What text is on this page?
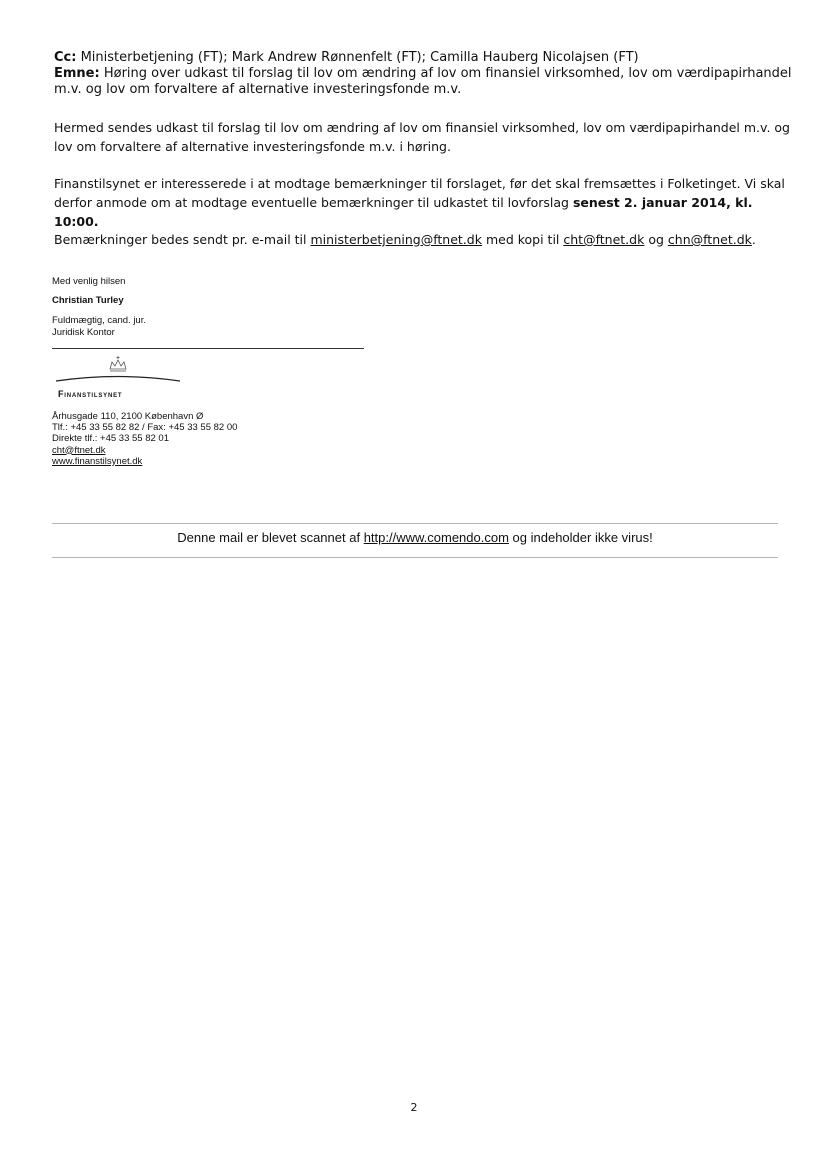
Cc: Ministerbetjening (FT); Mark Andrew Rønnenfelt (FT); Camilla Hauberg Nicolajsen (FT)
Emne: Høring over udkast til forslag til lov om ændring af lov om finansiel virksomhed, lov om værdipapirhandel m.v. og lov om forvaltere af alternative investeringsfonde m.v.
Hermed sendes udkast til forslag til lov om ændring af lov om finansiel virksomhed, lov om værdipapirhandel m.v. og lov om forvaltere af alternative investeringsfonde m.v. i høring.
Finanstilsynet er interesserede i at modtage bemærkninger til forslaget, før det skal fremsættes i Folketinget. Vi skal derfor anmode om at modtage eventuelle bemærkninger til udkastet til lovforslag senest 2. januar 2014, kl. 10:00.
Bemærkninger bedes sendt pr. e-mail til ministerbetjening@ftnet.dk med kopi til cht@ftnet.dk og chn@ftnet.dk.
Med venlig hilsen
Christian Turley
Fuldmægtig, cand. jur.
Juridisk Kontor
Finanstilsynet
Århusgade 110, 2100 København Ø
Tlf.: +45 33 55 82 82 / Fax: +45 33 55 82 00
Direkte tlf.: +45 33 55 82 01
cht@ftnet.dk
www.finanstilsynet.dk
Denne mail er blevet scannet af http://www.comendo.com og indeholder ikke virus!
2
